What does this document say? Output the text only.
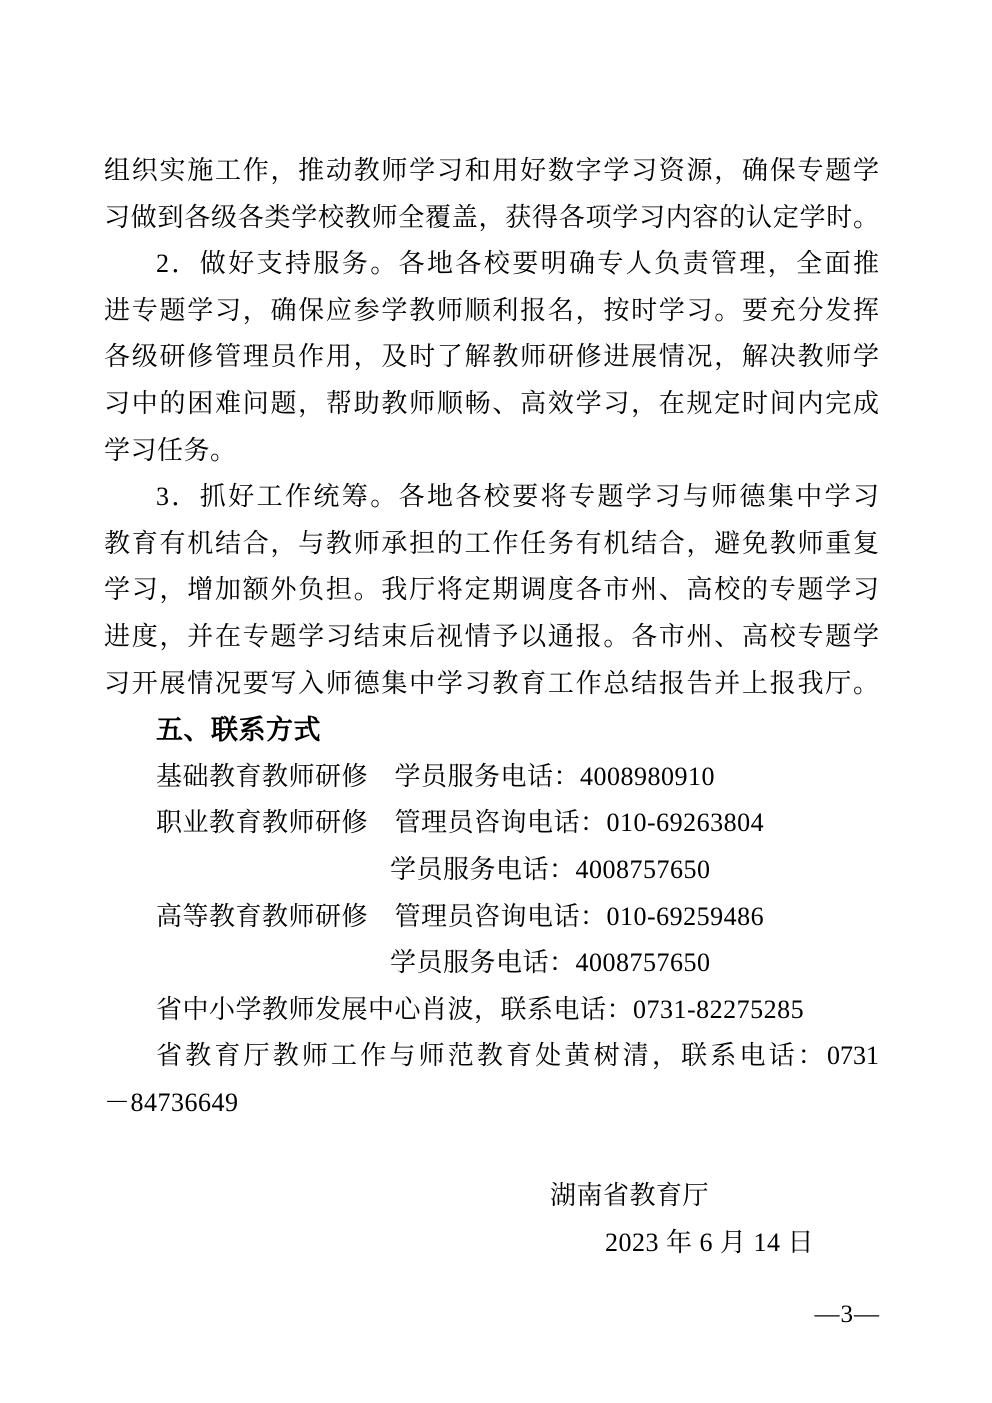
组织实施工作，推动教师学习和用好数字学习资源，确保专题学
习做到各级各类学校教师全覆盖，获得各项学习内容的认定学时。
2．做好支持服务。各地各校要明确专人负责管理，全面推
进专题学习，确保应参学教师顺利报名，按时学习。要充分发挥
各级研修管理员作用，及时了解教师研修进展情况，解决教师学
习中的困难问题，帮助教师顺畅、高效学习，在规定时间内完成
学习任务。
3．抓好工作统筹。各地各校要将专题学习与师德集中学习
教育有机结合，与教师承担的工作任务有机结合，避免教师重复
学习，增加额外负担。我厅将定期调度各市州、高校的专题学习
进度，并在专题学习结束后视情予以通报。各市州、高校专题学
习开展情况要写入师德集中学习教育工作总结报告并上报我厅。
五、联系方式
基础教育教师研修　学员服务电话：4008980910
职业教育教师研修　管理员咨询电话：010-69263804
学员服务电话：4008757650
高等教育教师研修　管理员咨询电话：010-69259486
学员服务电话：4008757650
省中小学教师发展中心肖波，联系电话：0731-82275285
省教育厅教师工作与师范教育处黄树清，联系电话：0731
－84736649
湖南省教育厅
2023 年 6 月 14 日
—3—
